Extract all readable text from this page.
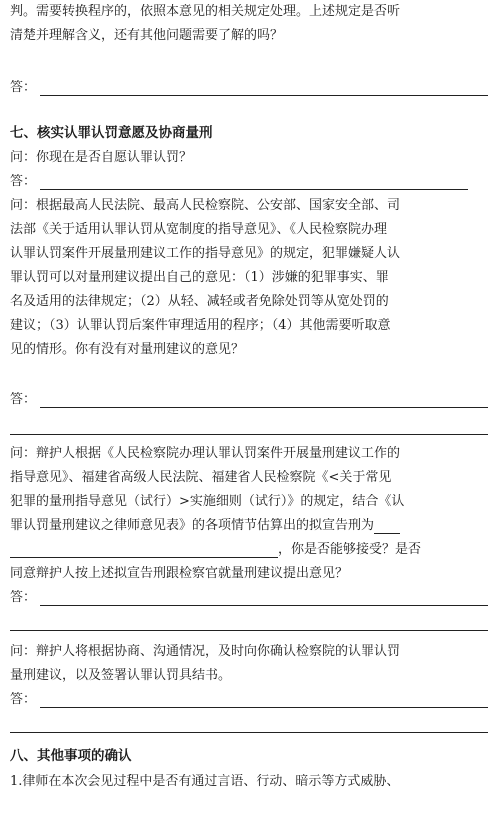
判。需要转换程序的，依照本意见的相关规定处理。上述规定是否听
清楚并理解含义，还有其他问题需要了解的吗？
答：
七、核实认罪认罚意愿及协商量刑
问：你现在是否自愿认罪认罚？
答：
问：根据最高人民法院、最高人民检察院、公安部、国家安全部、司
法部《关于适用认罪认罚从宽制度的指导意见》、《人民检察院办理
认罪认罚案件开展量刑建议工作的指导意见》的规定，犯罪嫌疑人认
罪认罚可以对量刑建议提出自己的意见：（1）涉嫌的犯罪事实、罪
名及适用的法律规定；（2）从轻、减轻或者免除处罚等从宽处罚的
建议；（3）认罪认罚后案件审理适用的程序；（4）其他需要听取意
见的情形。你有没有对量刑建议的意见？
答：
问：辩护人根据《人民检察院办理认罪认罚案件开展量刑建议工作的
指导意见》、福建省高级人民法院、福建省人民检察院《<关于常见
犯罪的量刑指导意见（试行）>实施细则（试行）》的规定，结合《认
罪认罚量刑建议之律师意见表》的各项情节估算出的拟宣告刑为
，你是否能够接受？是否
同意辩护人按上述拟宣告刑跟检察官就量刑建议提出意见？
答：
问：辩护人将根据协商、沟通情况，及时向你确认检察院的认罪认罚
量刑建议，以及签署认罪认罚具结书。
答：
八、其他事项的确认
1.律师在本次会见过程中是否有通过言语、行动、暗示等方式威胁、
